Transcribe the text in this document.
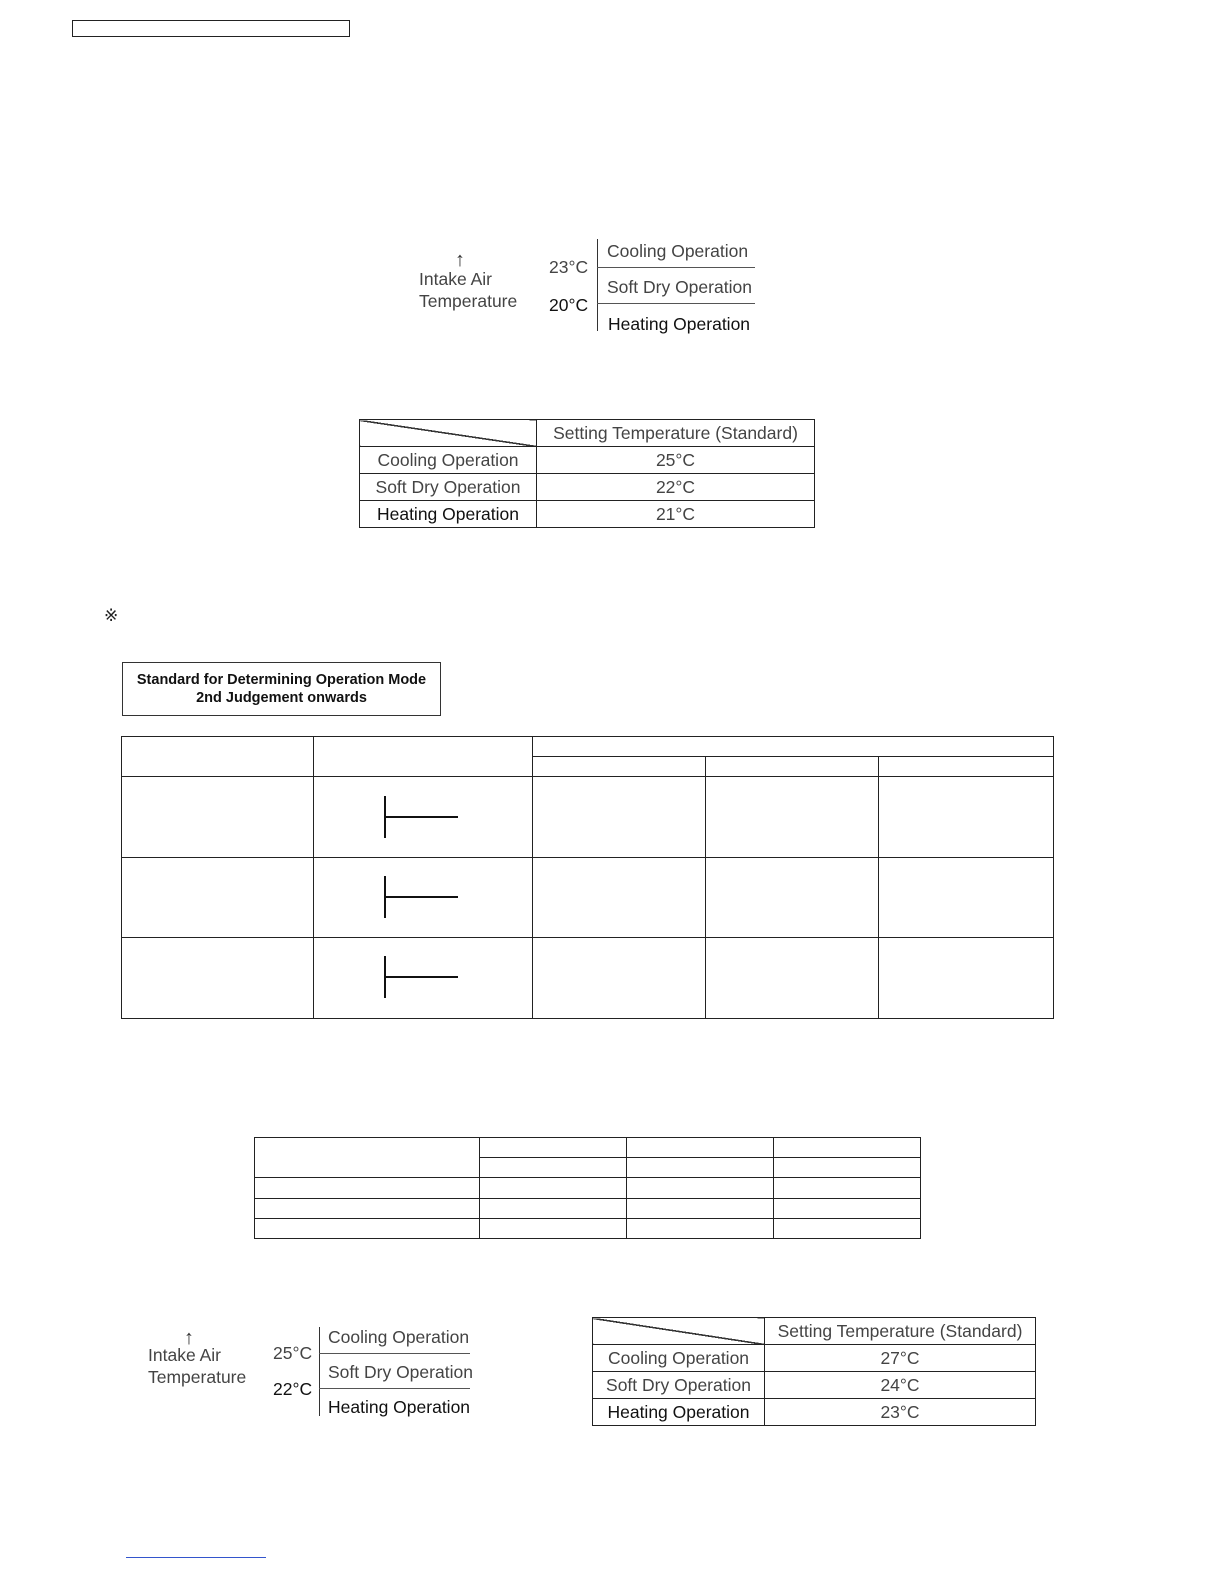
↑
Intake Air
Temperature
23°C
20°C
Cooling Operation
Soft Dry Operation
Heating Operation
	Setting Temperature (Standard)
Cooling Operation	25°C
Soft Dry Operation	22°C
Heating Operation	21°C
※
Standard for Determining Operation Mode
2nd Judgement onwards

↑
Intake Air
Temperature
25°C
22°C
Cooling Operation
Soft Dry Operation
Heating Operation
	Setting Temperature (Standard)
Cooling Operation	27°C
Soft Dry Operation	24°C
Heating Operation	23°C
